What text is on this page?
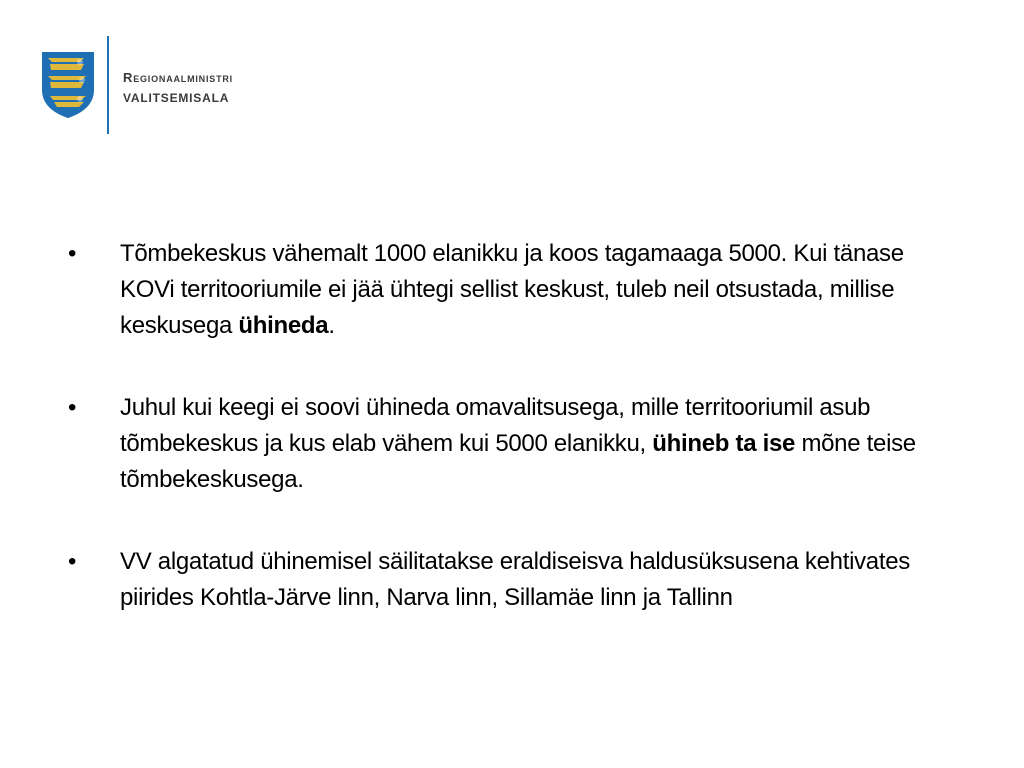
Regionaalministri
VALITSEMISALA
•	Tõmbekeskus vähemalt 1000 elanikku ja koos tagamaaga 5000. Kui tänase KOVi territooriumile ei jää ühtegi sellist keskust, tuleb neil otsustada, millise keskusega ühineda.
•	Juhul kui keegi ei soovi ühineda omavalitsusega, mille territooriumil asub tõmbekeskus ja kus elab vähem kui 5000 elanikku, ühineb ta ise mõne teise tõmbekeskusega.
•	VV algatatud ühinemisel säilitatakse eraldiseisva haldusüksusena kehtivates piirides Kohtla-Järve linn, Narva linn, Sillamäe linn ja Tallinn
